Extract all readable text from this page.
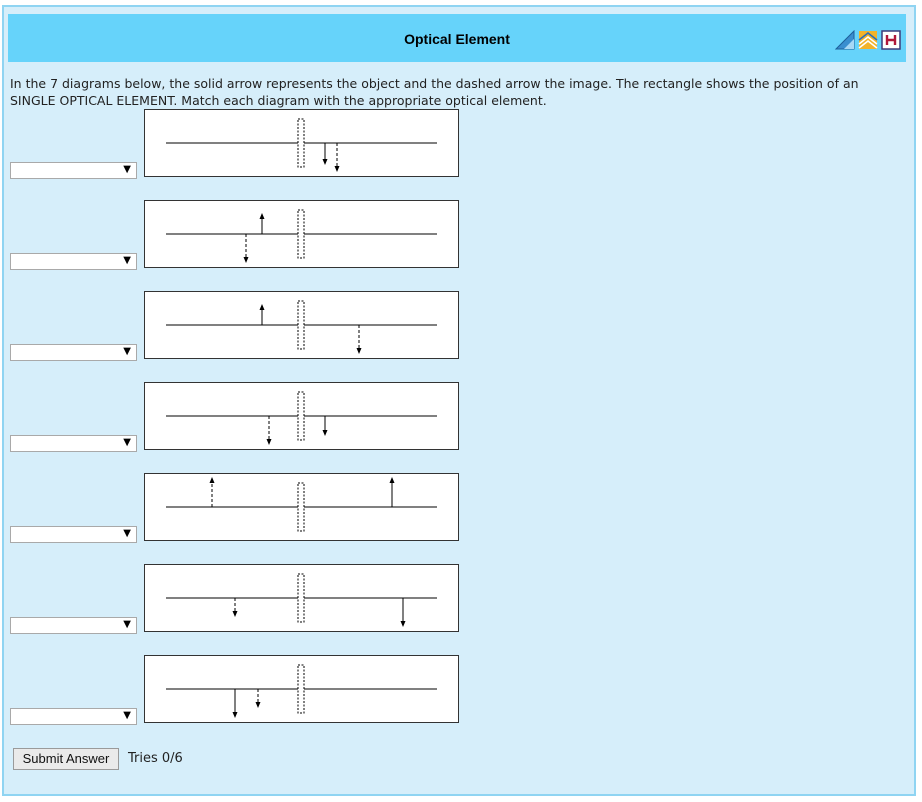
Optical Element
In the 7 diagrams below, the solid arrow represents the object and the dashed arrow the image. The rectangle shows the position of an SINGLE OPTICAL ELEMENT. Match each diagram with the appropriate optical element.
▼
▼
▼
▼
▼
▼
▼
Submit Answer	Tries 0/6
